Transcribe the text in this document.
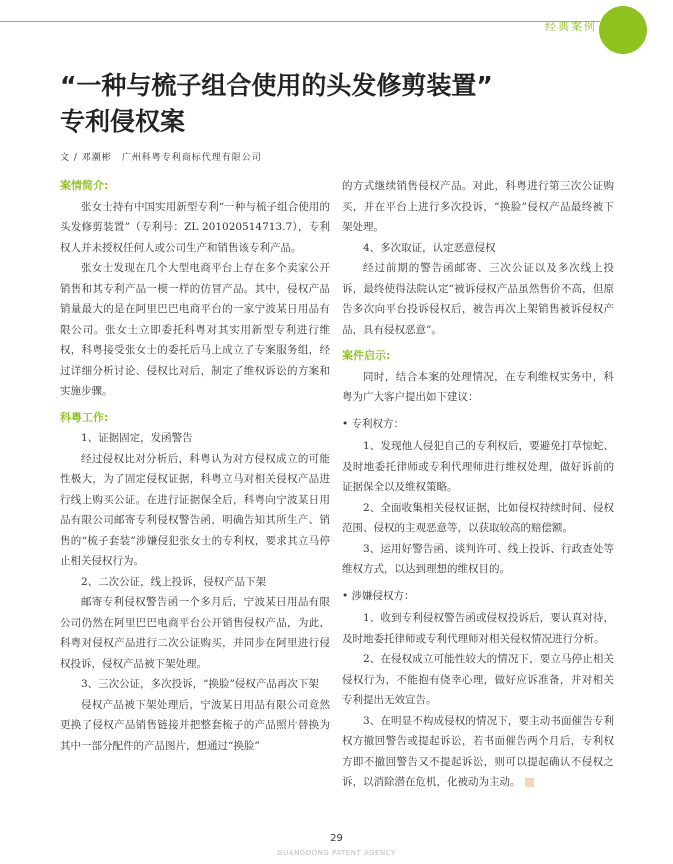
经典案例
“一种与梳子组合使用的头发修剪装置”
专利侵权案
文 / 邓潮彬　广州科粤专利商标代理有限公司

案情简介:

张女士持有中国实用新型专利“一种与梳子组合使用的头发修剪装置”（专利号：ZL 201020514713.7），专利权人并未授权任何人或公司生产和销售该专利产品。

张女士发现在几个大型电商平台上存在多个卖家公开销售和其专利产品一模一样的仿冒产品。其中，侵权产品销量最大的是在阿里巴巴电商平台的一家宁波某日用品有限公司。张女士立即委托科粤对其实用新型专利进行维权，科粤接受张女士的委托后马上成立了专案服务组，经过详细分析讨论、侵权比对后，制定了维权诉讼的方案和实施步骤。

科粤工作:

1、证据固定，发函警告

经过侵权比对分析后，科粤认为对方侵权成立的可能性极大，为了固定侵权证据，科粤立马对相关侵权产品进行线上购买公证。在进行证据保全后，科粤向宁波某日用品有限公司邮寄专利侵权警告函，明确告知其所生产、销售的“梳子套装”涉嫌侵犯张女士的专利权，要求其立马停止相关侵权行为。

2、二次公证，线上投诉，侵权产品下架

邮寄专利侵权警告函一个多月后，宁波某日用品有限公司仍然在阿里巴巴电商平台公开销售侵权产品，为此，科粤对侵权产品进行二次公证购买，并同步在阿里进行侵权投诉，侵权产品被下架处理。

3、三次公证，多次投诉，“换脸”侵权产品再次下架

侵权产品被下架处理后，宁波某日用品有限公司竟然更换了侵权产品销售链接并把整套梳子的产品照片替换为其中一部分配件的产品图片，想通过“换脸”

的方式继续销售侵权产品。对此，科粤进行第三次公证购买，并在平台上进行多次投诉，“换脸”侵权产品最终被下架处理。

4、多次取证，认定恶意侵权

经过前期的警告函邮寄、三次公证以及多次线上投诉，最终使得法院认定“被诉侵权产品虽然售价不高，但原告多次向平台投诉侵权后，被告再次上架销售被诉侵权产品，具有侵权恶意”。

案件启示:

同时，结合本案的处理情况，在专利维权实务中，科粤为广大客户提出如下建议：

• 专利权方：

1、发现他人侵犯自己的专利权后，要避免打草惊蛇、及时地委托律师或专利代理师进行维权处理，做好诉前的证据保全以及维权策略。

2、全面收集相关侵权证据，比如侵权持续时间、侵权范围、侵权的主观恶意等，以获取较高的赔偿额。

3、运用好警告函、谈判许可、线上投诉、行政查处等维权方式，以达到理想的维权目的。

• 涉嫌侵权方：

1、收到专利侵权警告函或侵权投诉后，要认真对待，及时地委托律师或专利代理师对相关侵权情况进行分析。

2、在侵权成立可能性较大的情况下，要立马停止相关侵权行为，不能抱有侥幸心理，做好应诉准备，并对相关专利提出无效宣告。

3、在明显不构成侵权的情况下，要主动书面催告专利权方撤回警告或提起诉讼，若书面催告两个月后，专利权方即不撤回警告又不提起诉讼，则可以提起确认不侵权之诉，以消除潜在危机，化被动为主动。

29
GUANGDONG PATENT AGENCY
